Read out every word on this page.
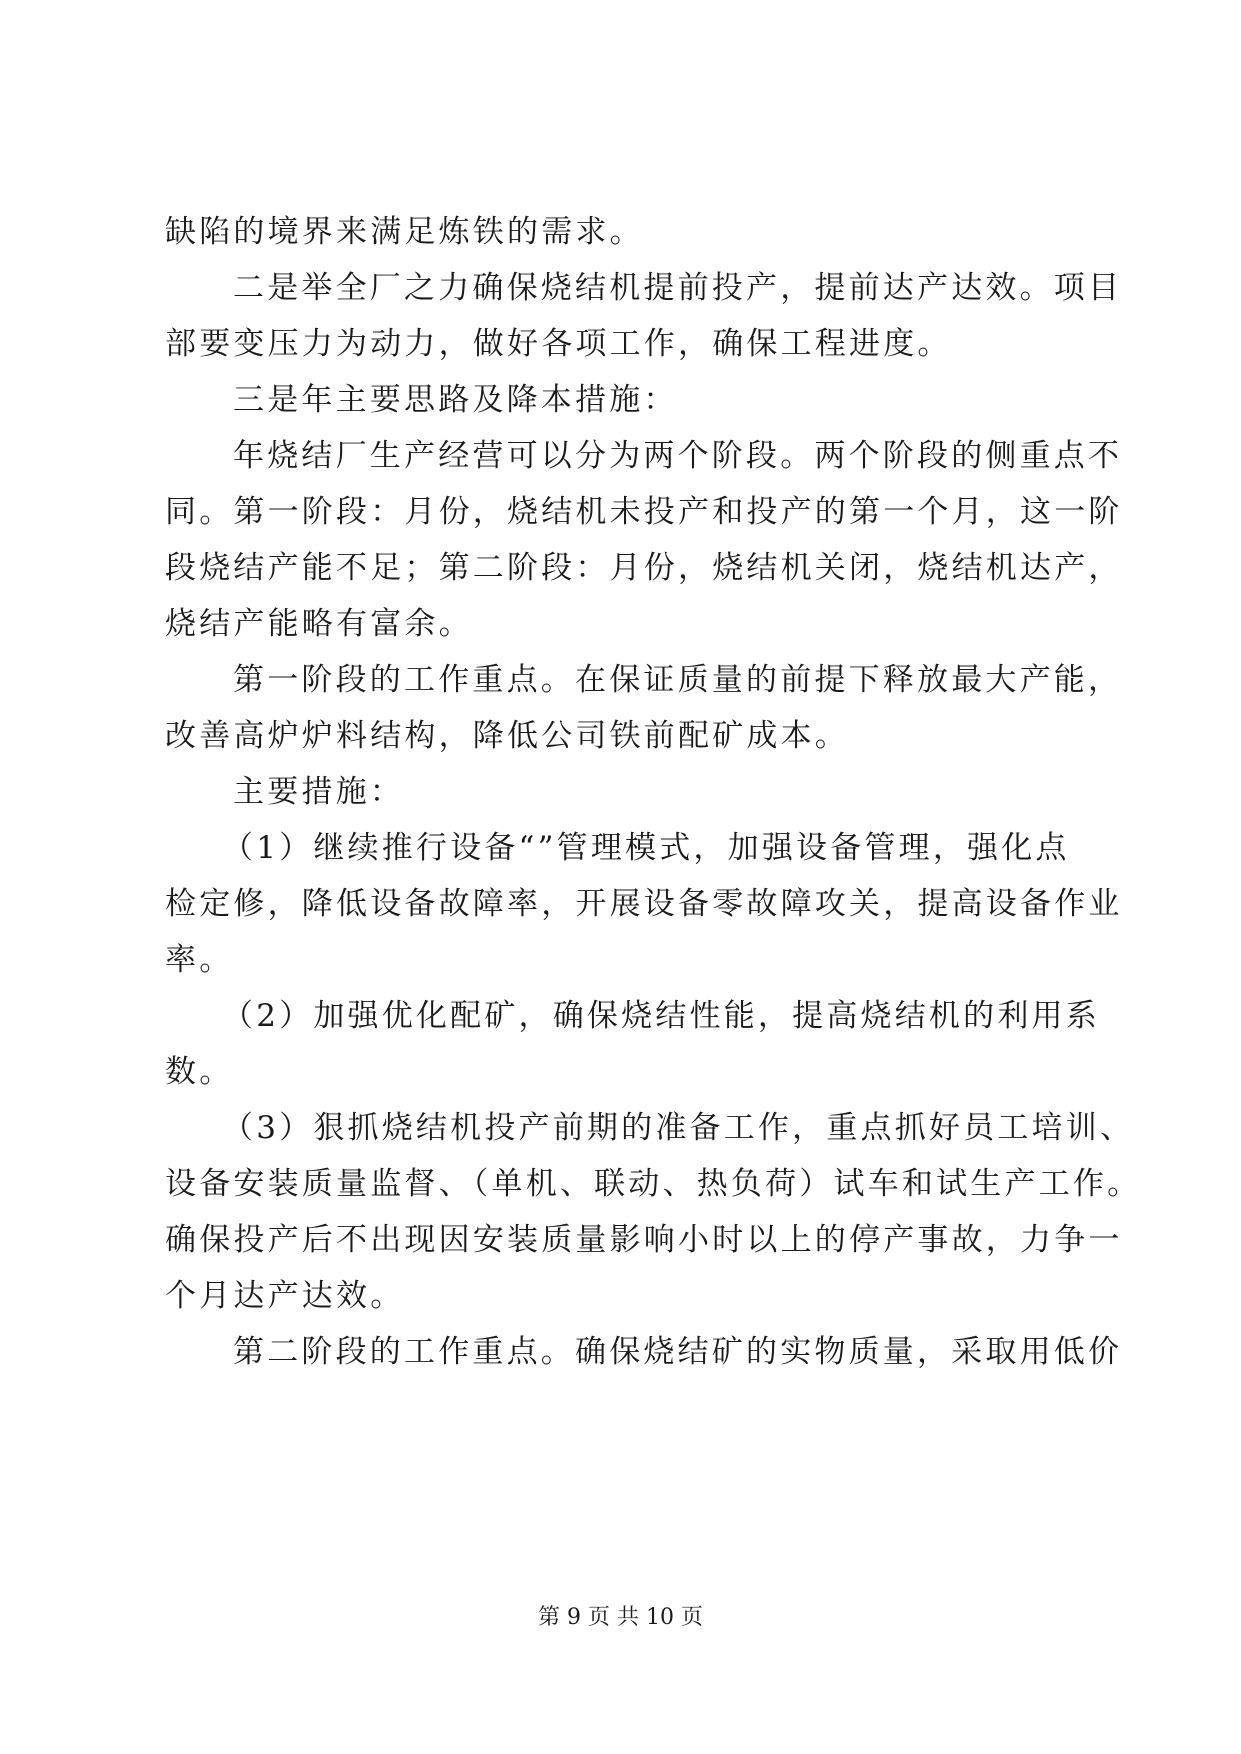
缺陷的境界来满足炼铁的需求。
二是举全厂之力确保烧结机提前投产，提前达产达效。项目
部要变压力为动力，做好各项工作，确保工程进度。
三是年主要思路及降本措施：
年烧结厂生产经营可以分为两个阶段。两个阶段的侧重点不
同。第一阶段：月份，烧结机未投产和投产的第一个月，这一阶
段烧结产能不足；第二阶段：月份，烧结机关闭，烧结机达产，
烧结产能略有富余。
第一阶段的工作重点。在保证质量的前提下释放最大产能，
改善高炉炉料结构，降低公司铁前配矿成本。
主要措施：
（1）继续推行设备“”管理模式，加强设备管理，强化点
检定修，降低设备故障率，开展设备零故障攻关，提高设备作业
率。
（2）加强优化配矿，确保烧结性能，提高烧结机的利用系
数。
（3）狠抓烧结机投产前期的准备工作，重点抓好员工培训、
设备安装质量监督、（单机、联动、热负荷）试车和试生产工作。
确保投产后不出现因安装质量影响小时以上的停产事故，力争一
个月达产达效。
第二阶段的工作重点。确保烧结矿的实物质量，采取用低价
第 9 页 共 10 页
